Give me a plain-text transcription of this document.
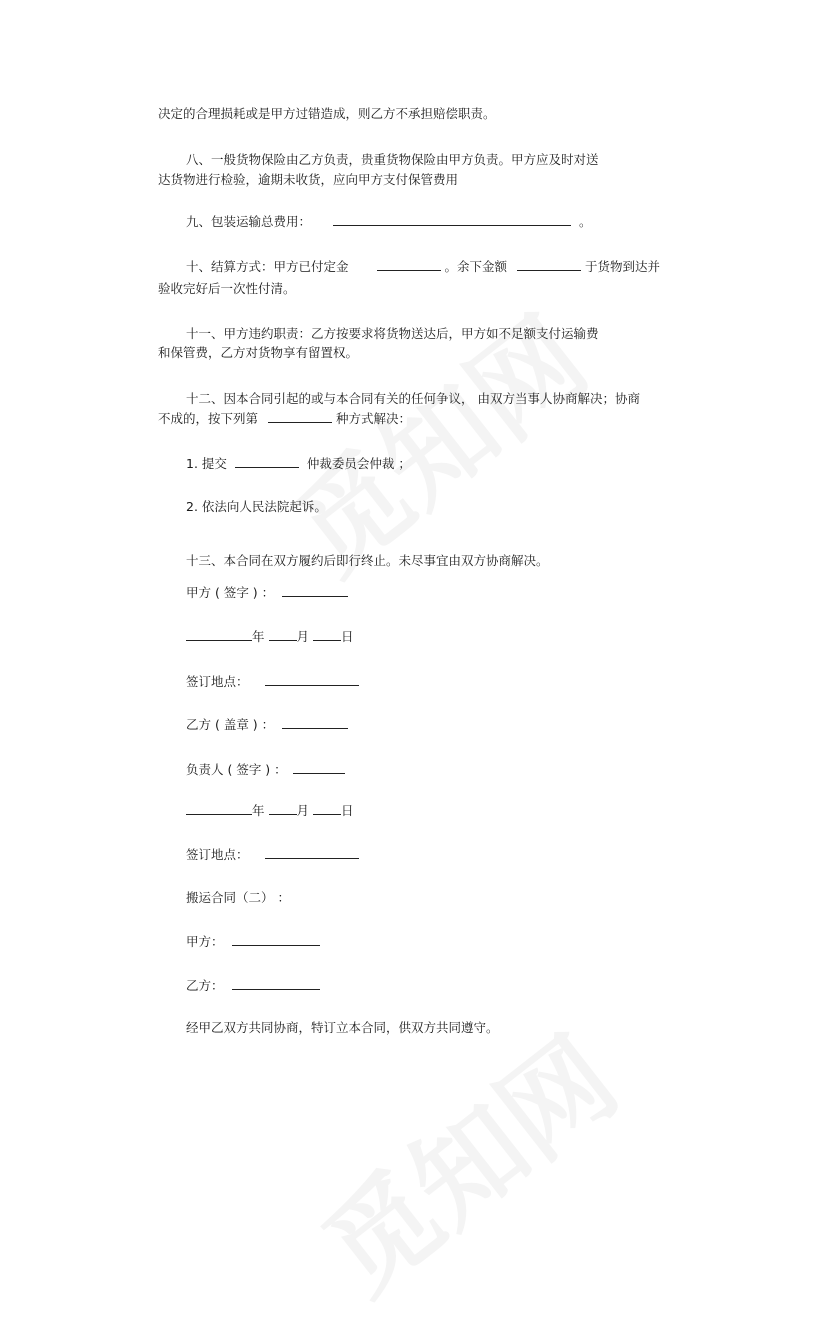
决定的合理损耗或是甲方过错造成，则乙方不承担赔偿职责。
八、一般货物保险由乙方负责，贵重货物保险由甲方负责。甲方应及时对送
达货物进行检验，逾期未收货，应向甲方支付保管费用
九、包装运输总费用：	。
十、结算方式：甲方已付定金	。余下金额	于货物到达并
验收完好后一次性付清。
十一、甲方违约职责：乙方按要求将货物送达后，甲方如不足额支付运输费
和保管费，乙方对货物享有留置权。
十二、因本合同引起的或与本合同有关的任何争议， 由双方当事人协商解决；协商
不成的，按下列第	种方式解决：
1. 提交	仲裁委员会仲裁 ；
2. 依法向人民法院起诉。
十三、本合同在双方履约后即行终止。未尽事宜由双方协商解决。
甲方 ( 签字 ) ：
年	月	日
签订地点：
乙方 ( 盖章 ) ：
负责人 ( 签字 ) ：
年	月	日
签订地点：
搬运合同（二） ：
甲方：
乙方：
经甲乙双方共同协商，特订立本合同，供双方共同遵守。
